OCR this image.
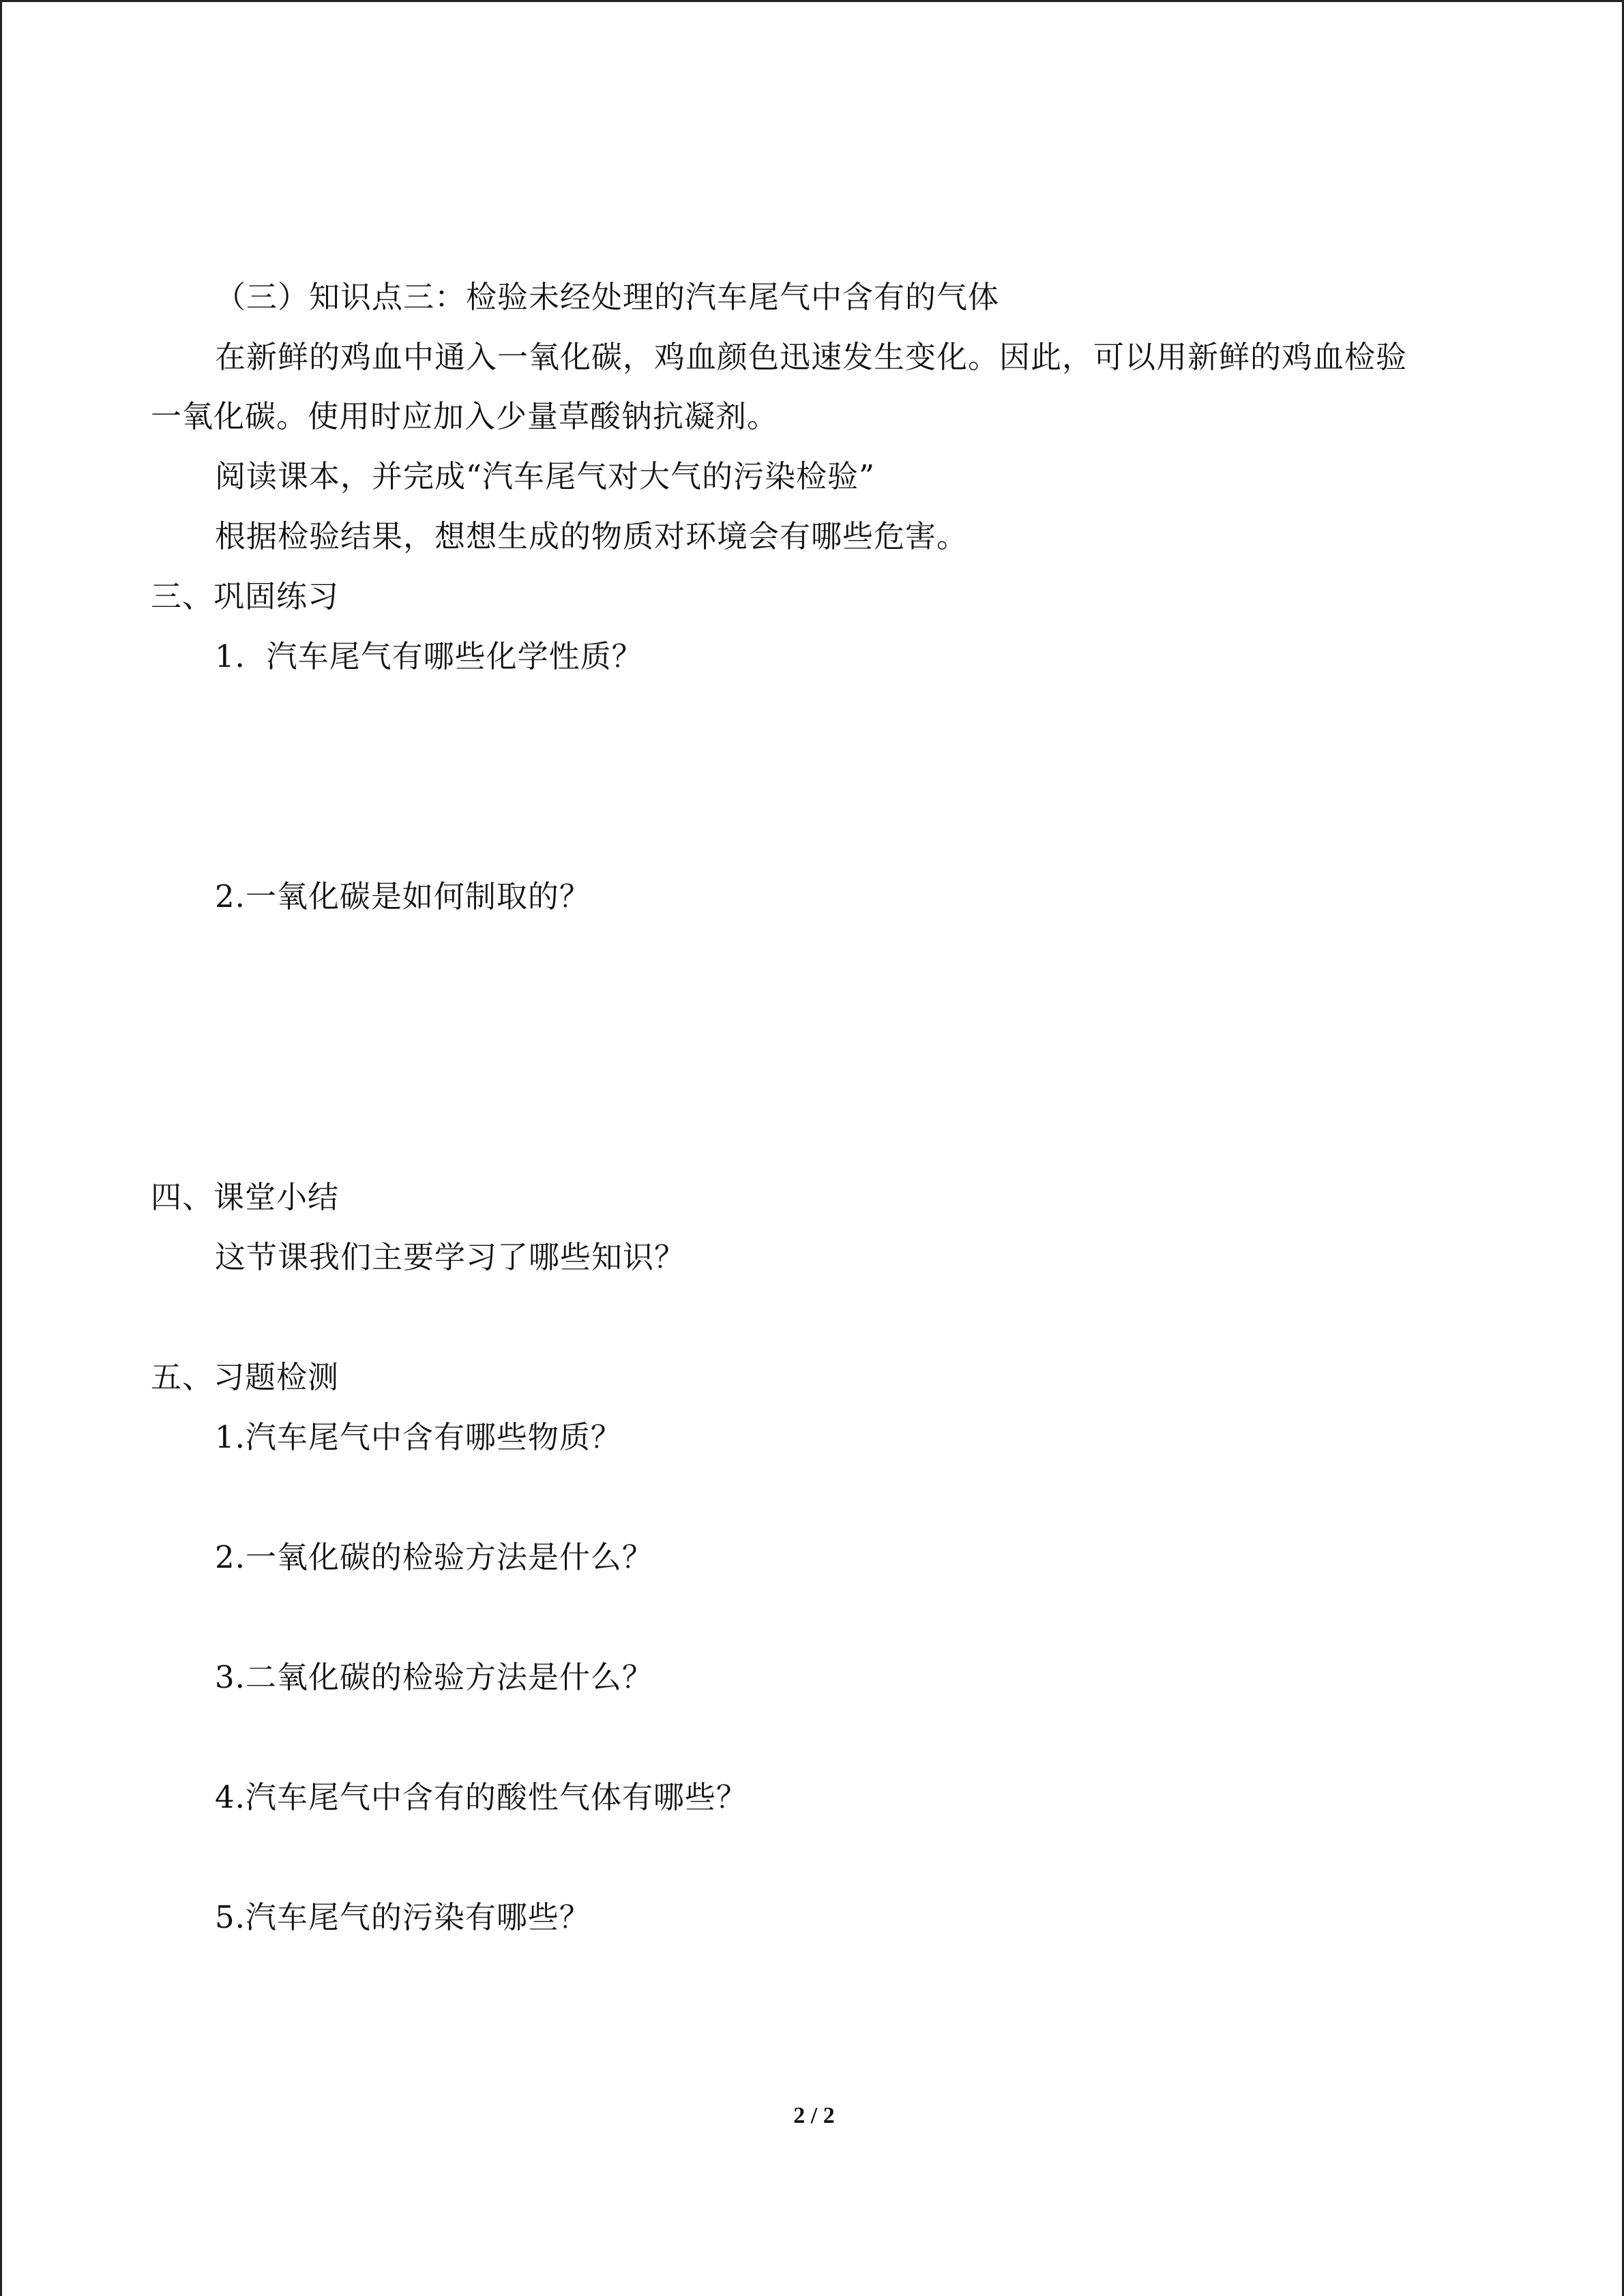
（三）知识点三：检验未经处理的汽车尾气中含有的气体
在新鲜的鸡血中通入一氧化碳，鸡血颜色迅速发生变化。因此，可以用新鲜的鸡血检验
一氧化碳。使用时应加入少量草酸钠抗凝剂。
阅读课本，并完成“汽车尾气对大气的污染检验”
根据检验结果，想想生成的物质对环境会有哪些危害。
三、巩固练习
1．汽车尾气有哪些化学性质？
2.一氧化碳是如何制取的？
四、课堂小结
这节课我们主要学习了哪些知识？
五、习题检测
1.汽车尾气中含有哪些物质？
2.一氧化碳的检验方法是什么？
3.二氧化碳的检验方法是什么？
4.汽车尾气中含有的酸性气体有哪些？
5.汽车尾气的污染有哪些？
2 / 2
